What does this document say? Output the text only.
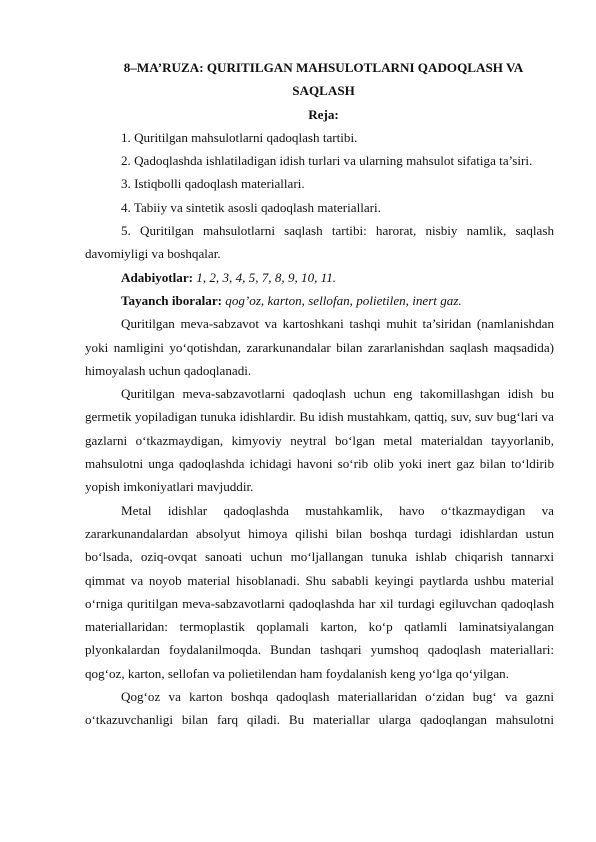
8–MA’RUZA: QURITILGAN MAHSULOTLARNI QADOQLASH VA
SAQLASH
Reja:

1. Quritilgan mahsulotlarni qadoqlash tartibi.

2. Qadoqlashda ishlatiladigan idish turlari va ularning mahsulot sifatiga ta’siri.

3. Istiqbolli qadoqlash materiallari.

4. Tabiiy va sintetik asosli qadoqlash materiallari.

5. Quritilgan mahsulotlarni saqlash tartibi: harorat, nisbiy namlik, saqlash davomiyligi va boshqalar.

Adabiyotlar: 1, 2, 3, 4, 5, 7, 8, 9, 10, 11.

Tayanch iboralar: qog’oz, karton, sellofan, polietilen, inert gaz.

Quritilgan meva-sabzavot va kartoshkani tashqi muhit ta’siridan (namlanishdan yoki namligini yo‘qotishdan, zararkunandalar bilan zararlanishdan saqlash maqsadida) himoyalash uchun qadoqlanadi.

Quritilgan meva-sabzavotlarni qadoqlash uchun eng takomillashgan idish bu germetik yopiladigan tunuka idishlardir. Bu idish mustahkam, qattiq, suv, suv bug‘lari va gazlarni o‘tkazmaydigan, kimyoviy neytral bo‘lgan metal materialdan tayyorlanib, mahsulotni unga qadoqlashda ichidagi havoni so‘rib olib yoki inert gaz bilan to‘ldirib yopish imkoniyatlari mavjuddir.

Metal idishlar qadoqlashda mustahkamlik, havo o‘tkazmaydigan va zararkunandalardan absolyut himoya qilishi bilan boshqa turdagi idishlardan ustun bo‘lsada, oziq-ovqat sanoati uchun mo‘ljallangan tunuka ishlab chiqarish tannarxi qimmat va noyob material hisoblanadi. Shu sababli keyingi paytlarda ushbu material o‘rniga quritilgan meva-sabzavotlarni qadoqlashda har xil turdagi egiluvchan qadoqlash materiallaridan: termoplastik qoplamali karton, ko‘p qatlamli laminatsiyalangan plyonkalardan foydalanilmoqda. Bundan tashqari yumshoq qadoqlash materiallari: qog‘oz, karton, sellofan va polietilendan ham foydalanish keng yo‘lga qo‘yilgan.

Qog‘oz va karton boshqa qadoqlash materiallaridan o‘zidan bug‘ va gazni o‘tkazuvchanligi bilan farq qiladi. Bu materiallar ularga qadoqlangan mahsulotni
